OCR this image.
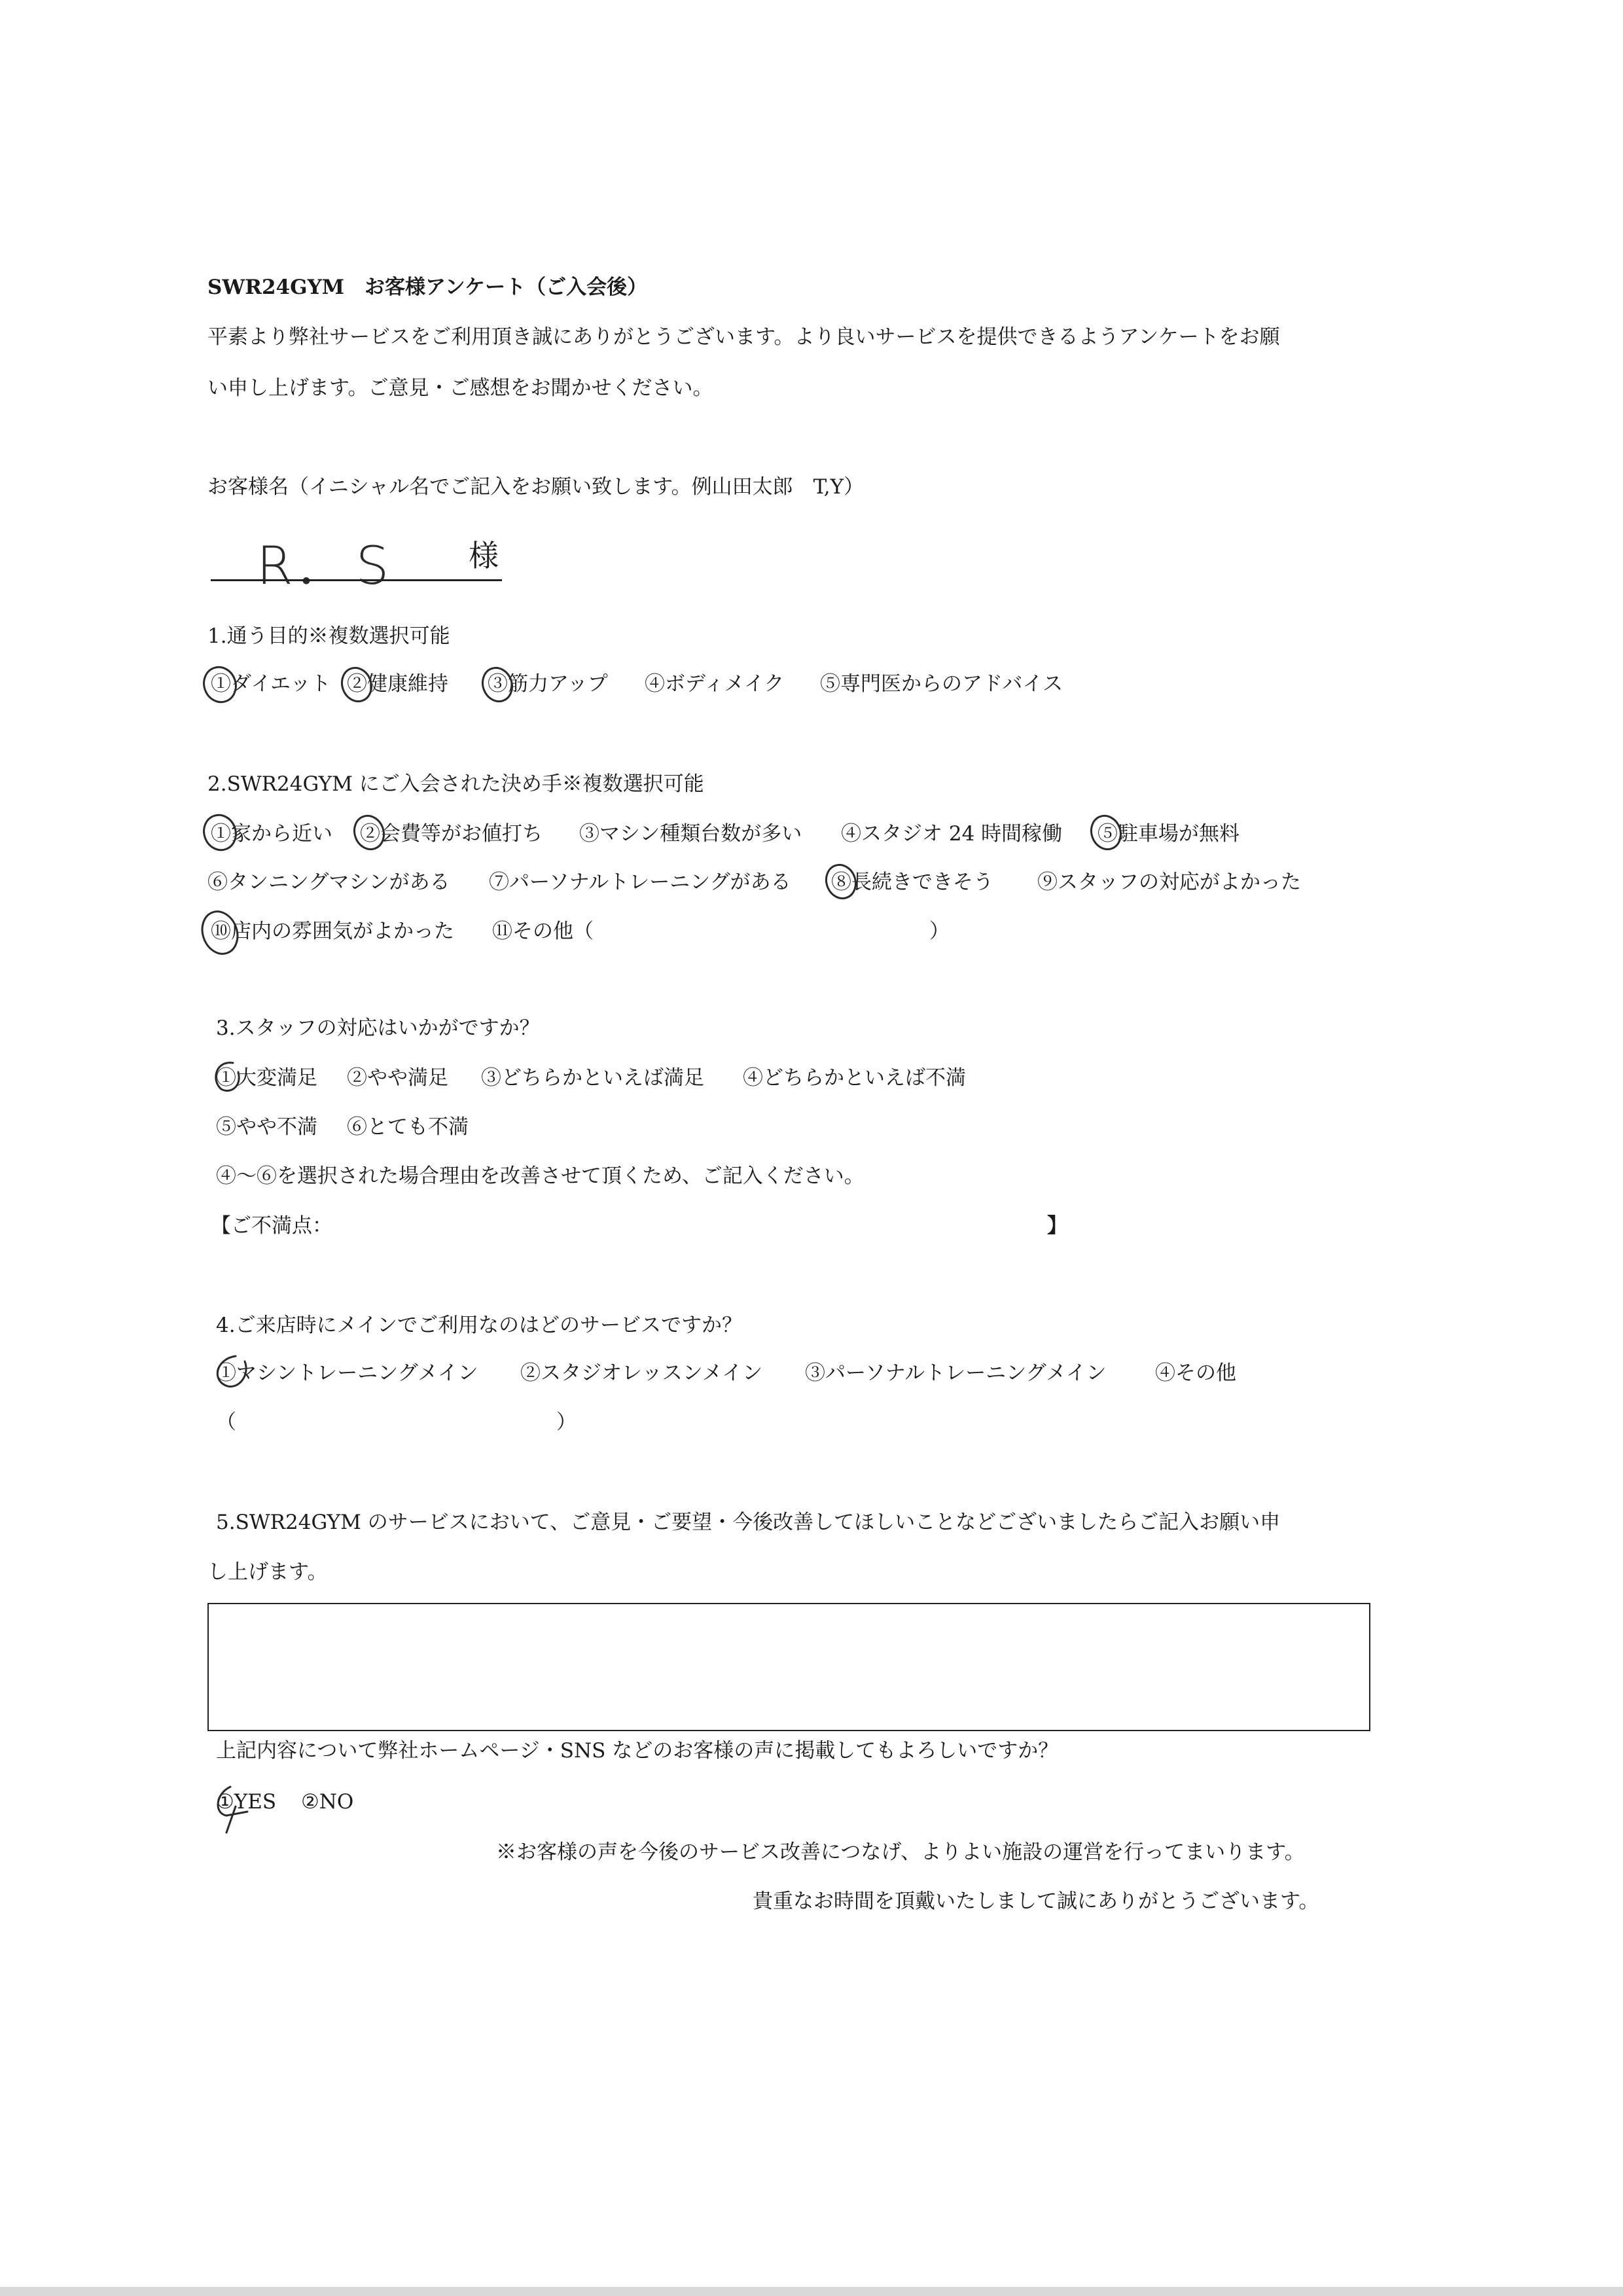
SWR24GYM　お客様アンケート（ご入会後）
平素より弊社サービスをご利用頂き誠にありがとうございます。より良いサービスを提供できるようアンケートをお願
い申し上げます。ご意見・ご感想をお聞かせください。
お客様名（イニシャル名でご記入をお願い致します。例山田太郎　T,Y）
R．S 様
1.通う目的※複数選択可能
①ダイエット ②健康維持 ③筋力アップ ④ボディメイク ⑤専門医からのアドバイス
2.SWR24GYM にご入会された決め手※複数選択可能
①家から近い ②会費等がお値打ち ③マシン種類台数が多い ④スタジオ 24 時間稼働 ⑤駐車場が無料
⑥タンニングマシンがある ⑦パーソナルトレーニングがある ⑧長続きできそう ⑨スタッフの対応がよかった
⑩店内の雰囲気がよかった ⑪その他（	）
3.スタッフの対応はいかがですか？
①大変満足 ②やや満足 ③どちらかといえば満足 ④どちらかといえば不満
⑤やや不満 ⑥とても不満
④～⑥を選択された場合理由を改善させて頂くため、ご記入ください。
【ご不満点：	】
4.ご来店時にメインでご利用なのはどのサービスですか？
①マシントレーニングメイン ②スタジオレッスンメイン ③パーソナルトレーニングメイン ④その他
（	）
5.SWR24GYM のサービスにおいて、ご意見・ご要望・今後改善してほしいことなどございましたらご記入お願い申
し上げます。
上記内容について弊社ホームページ・SNS などのお客様の声に掲載してもよろしいですか？
①YES ②NO
※お客様の声を今後のサービス改善につなげ、よりよい施設の運営を行ってまいります。
貴重なお時間を頂戴いたしまして誠にありがとうございます。
